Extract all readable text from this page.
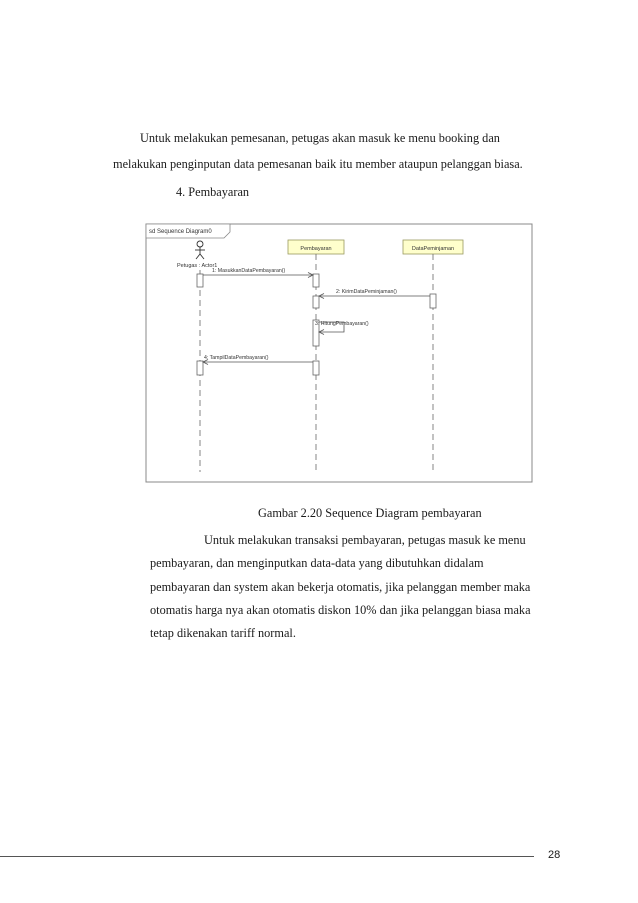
Untuk melakukan pemesanan, petugas akan masuk ke menu booking dan
melakukan penginputan data pemesanan baik itu member ataupun pelanggan biasa.
4. Pembayaran
sd Sequence Diagram0
Petugas : Actor1
Pembayaran	DataPeminjaman
1: MasukkanDataPembayaran()
2: KirimDataPeminjaman()
3: HitungPembayaran()
4: TampilDataPembayaran()
Gambar 2.20 Sequence Diagram pembayaran
Untuk melakukan transaksi pembayaran, petugas masuk ke menu
pembayaran, dan menginputkan data-data yang dibutuhkan didalam
pembayaran dan system akan bekerja otomatis, jika pelanggan member maka
otomatis harga nya akan otomatis diskon 10% dan jika pelanggan biasa maka
tetap dikenakan tariff normal.
28
